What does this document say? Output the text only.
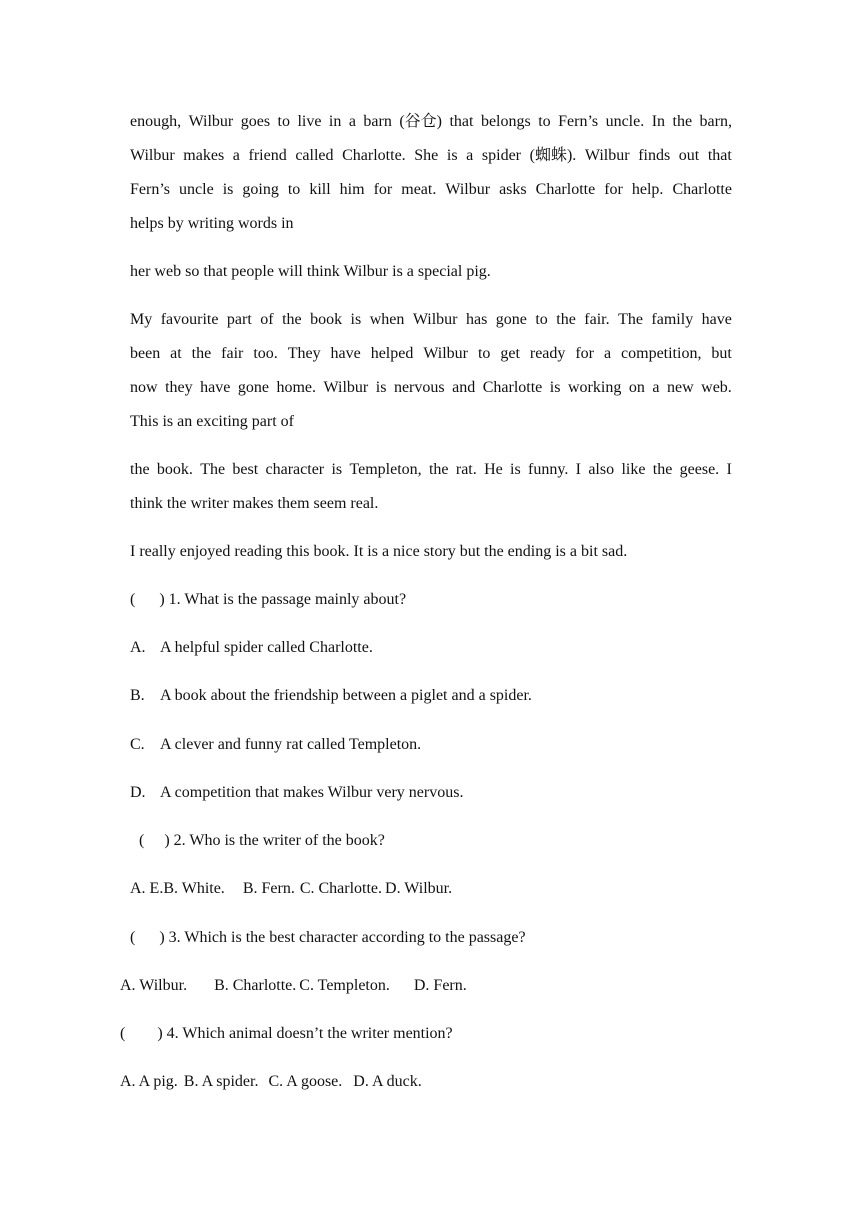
enough, Wilbur goes to live in a barn (谷仓) that belongs to Fern’s uncle. In the barn,
Wilbur makes a friend called Charlotte. She is a spider (蜘蛛). Wilbur finds out that
Fern’s uncle is going to kill him for meat. Wilbur asks Charlotte for help. Charlotte
helps by writing words in
her web so that people will think Wilbur is a special pig.
My favourite part of the book is when Wilbur has gone to the fair. The family have
been at the fair too. They have helped Wilbur to get ready for a competition, but
now they have gone home. Wilbur is nervous and Charlotte is working on a new web.
This is an exciting part of
the book. The best character is Templeton, the rat. He is funny. I also like the geese. I
think the writer makes them seem real.
I really enjoyed reading this book. It is a nice story but the ending is a bit sad.
(      ) 1. What is the passage mainly about?
A. A helpful spider called Charlotte.
B. A book about the friendship between a piglet and a spider.
C. A clever and funny rat called Templeton.
D. A competition that makes Wilbur very nervous.
(     ) 2. Who is the writer of the book?
A. E.B. White. B. Fern. C. Charlotte. D. Wilbur.
(      ) 3. Which is the best character according to the passage?
A. Wilbur. B. Charlotte. C. Templeton. D. Fern.
(        ) 4. Which animal doesn’t the writer mention?
A. A pig. B. A spider. C. A goose. D. A duck.
